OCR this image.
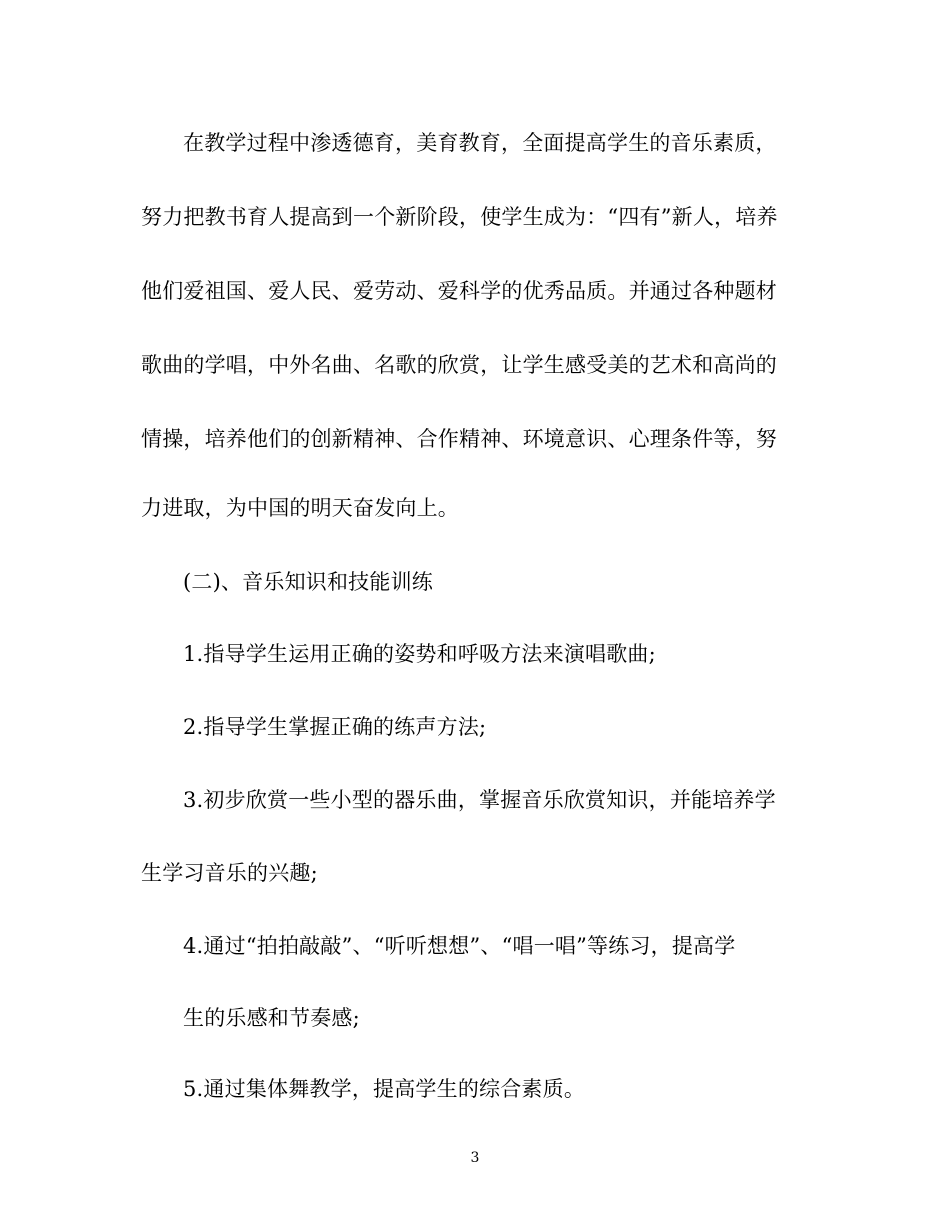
在教学过程中渗透德育，美育教育，全面提高学生的音乐素质，
努力把教书育人提高到一个新阶段，使学生成为：“四有”新人，培养
他们爱祖国、爱人民、爱劳动、爱科学的优秀品质。并通过各种题材
歌曲的学唱，中外名曲、名歌的欣赏，让学生感受美的艺术和高尚的
情操，培养他们的创新精神、合作精神、环境意识、心理条件等，努
力进取，为中国的明天奋发向上。
(二)、音乐知识和技能训练
1.指导学生运用正确的姿势和呼吸方法来演唱歌曲;
2.指导学生掌握正确的练声方法;
3.初步欣赏一些小型的器乐曲，掌握音乐欣赏知识，并能培养学
生学习音乐的兴趣;
4.通过“拍拍敲敲”、“听听想想”、“唱一唱”等练习，提高学
生的乐感和节奏感;
5.通过集体舞教学，提高学生的综合素质。
3
